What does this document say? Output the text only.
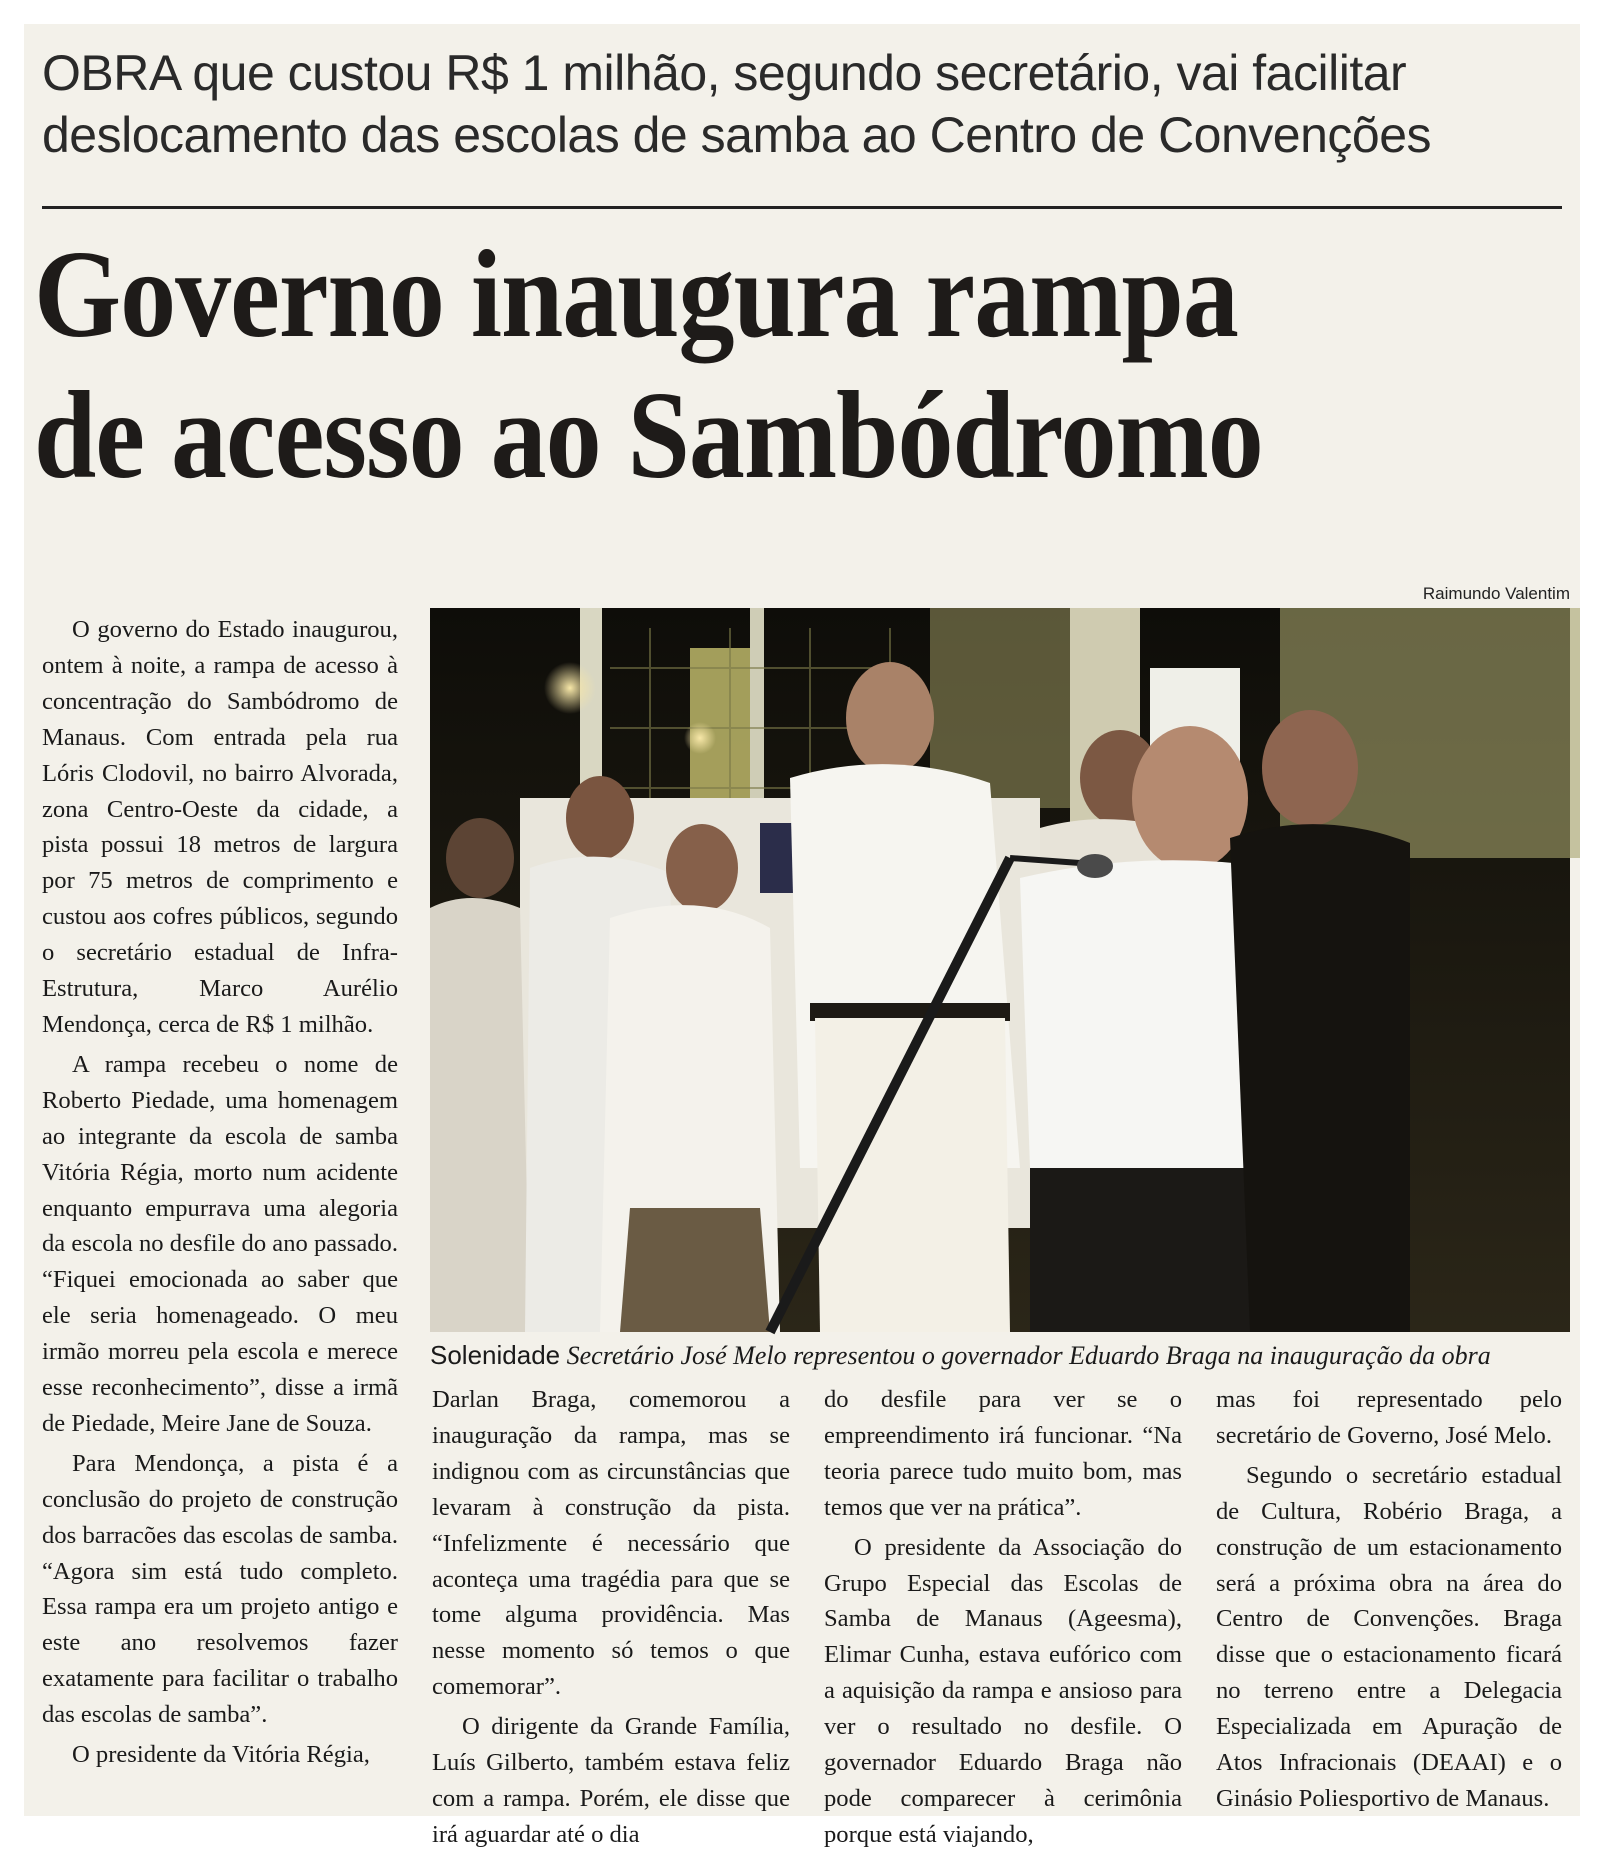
OBRA que custou R$ 1 milhão, segundo secretário, vai facilitar deslocamento das escolas de samba ao Centro de Convenções
Governo inaugura rampa
de acesso ao Sambódromo
Raimundo Valentim
Solenidade Secretário José Melo representou o governador Eduardo Braga na inauguração da obra

O governo do Estado inaugurou, ontem à noite, a rampa de acesso à concentração do Sambódromo de Manaus. Com entrada pela rua Lóris Clodovil, no bairro Alvorada, zona Centro-Oeste da cidade, a pista possui 18 metros de largura por 75 metros de comprimento e custou aos cofres públicos, segundo o secretário estadual de Infra-Estrutura, Marco Aurélio Mendonça, cerca de R$ 1 milhão.

A rampa recebeu o nome de Roberto Piedade, uma homenagem ao integrante da escola de samba Vitória Régia, morto num acidente enquanto empurrava uma alegoria da escola no desfile do ano passado. “Fiquei emocionada ao saber que ele seria homenageado. O meu irmão morreu pela escola e merece esse reconhecimento”, disse a irmã de Piedade, Meire Jane de Souza.

Para Mendonça, a pista é a conclusão do projeto de construção dos barracões das escolas de samba. “Agora sim está tudo completo. Essa rampa era um projeto antigo e este ano resolvemos fazer exatamente para facilitar o trabalho das escolas de samba”.

O presidente da Vitória Régia,

Darlan Braga, comemorou a inauguração da rampa, mas se indignou com as circunstâncias que levaram à construção da pista. “Infelizmente é necessário que aconteça uma tragédia para que se tome alguma providência. Mas nesse momento só temos o que comemorar”.

O dirigente da Grande Família, Luís Gilberto, também estava feliz com a rampa. Porém, ele disse que irá aguardar até o dia

do desfile para ver se o empreendimento irá funcionar. “Na teoria parece tudo muito bom, mas temos que ver na prática”.

O presidente da Associação do Grupo Especial das Escolas de Samba de Manaus (Ageesma), Elimar Cunha, estava eufórico com a aquisição da rampa e ansioso para ver o resultado no desfile. O governador Eduardo Braga não pode comparecer à cerimônia porque está viajando,

mas foi representado pelo secretário de Governo, José Melo.

Segundo o secretário estadual de Cultura, Robério Braga, a construção de um estacionamento será a próxima obra na área do Centro de Convenções. Braga disse que o estacionamento ficará no terreno entre a Delegacia Especializada em Apuração de Atos Infracionais (DEAAI) e o Ginásio Poliesportivo de Manaus.
